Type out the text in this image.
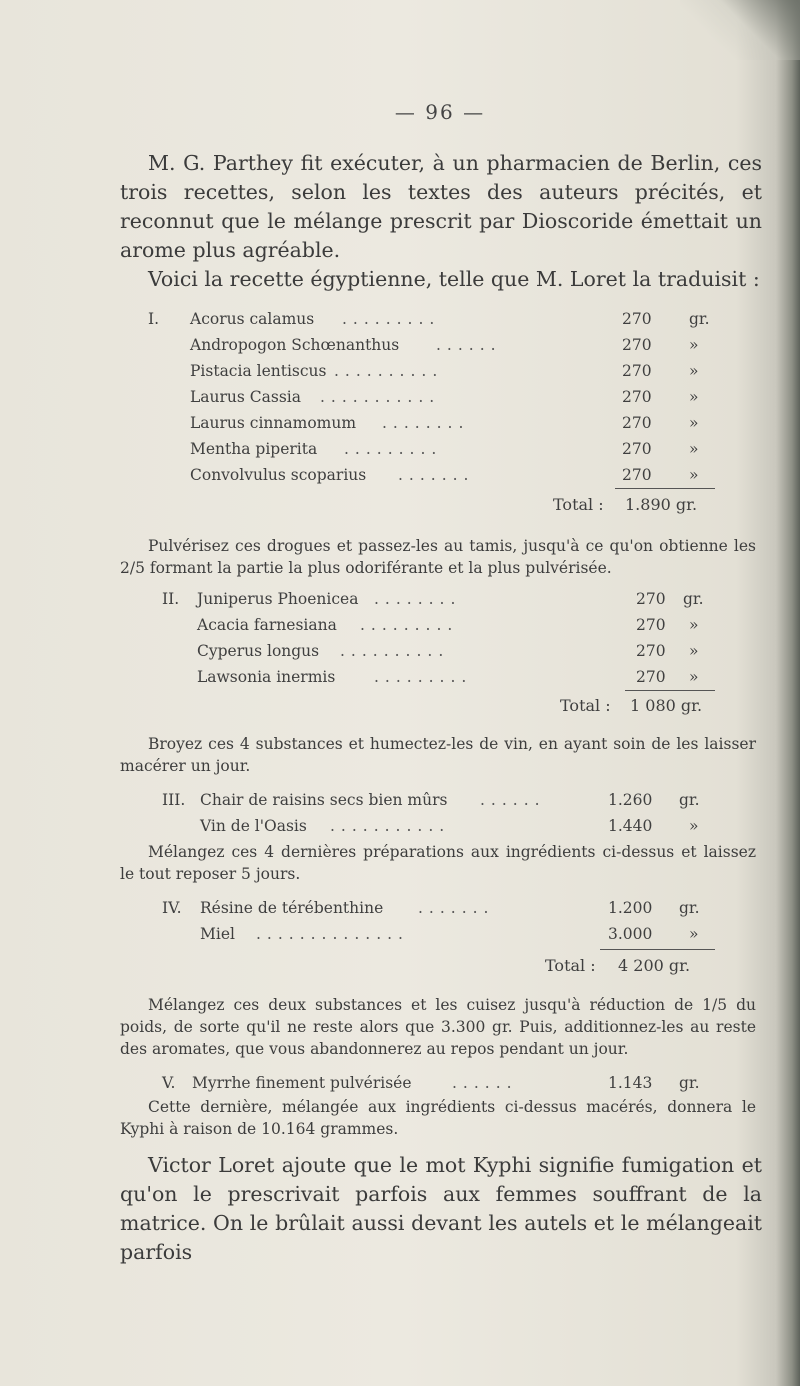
— 96 —
M. G. Parthey fit exécuter, à un pharmacien de Berlin, ces trois recettes, selon les textes des auteurs précités, et reconnut que le mélange prescrit par Dioscoride émettait un arome plus agréable.
Voici la recette égyptienne, telle que M. Loret la traduisit :
I. Acorus calamus .........	270 gr.
Andropogon Schœnanthus ......	270 »
Pistacia lentiscus ..........	270 »
Laurus Cassia ...........	270 »
Laurus cinnamomum ........	270 »
Mentha piperita .........	270 »
Convolvulus scoparius .......	270 »
Total : 1.890 gr.
Pulvérisez ces drogues et passez-les au tamis, jusqu'à ce qu'on obtienne les 2/5 formant la partie la plus odoriférante et la plus pulvérisée.
II. Juniperus Phoenicea ........	270 gr.
Acacia farnesiana .........	270 »
Cyperus longus ..........	270 »
Lawsonia inermis .........	270 »
Total : 1 080 gr.
Broyez ces 4 substances et humectez-les de vin, en ayant soin de les laisser macérer un jour.
III. Chair de raisins secs bien mûrs ......	1.260 gr.
Vin de l'Oasis ...........	1.440 »
Mélangez ces 4 dernières préparations aux ingrédients ci-dessus et laissez le tout reposer 5 jours.
IV. Résine de térébenthine .......	1.200 gr.
Miel ..............	3.000 »
Total : 4 200 gr.
Mélangez ces deux substances et les cuisez jusqu'à réduction de 1/5 du poids, de sorte qu'il ne reste alors que 3.300 gr. Puis, additionnez-les au reste des aromates, que vous abandonnerez au repos pendant un jour.
V. Myrrhe finement pulvérisée	......	1.143 gr.
Cette dernière, mélangée aux ingrédients ci-dessus macérés, donnera le Kyphi à raison de 10.164 grammes.
Victor Loret ajoute que le mot Kyphi signifie fumigation et qu'on le prescrivait parfois aux femmes souffrant de la matrice. On le brûlait aussi devant les autels et le mélangeait parfois
